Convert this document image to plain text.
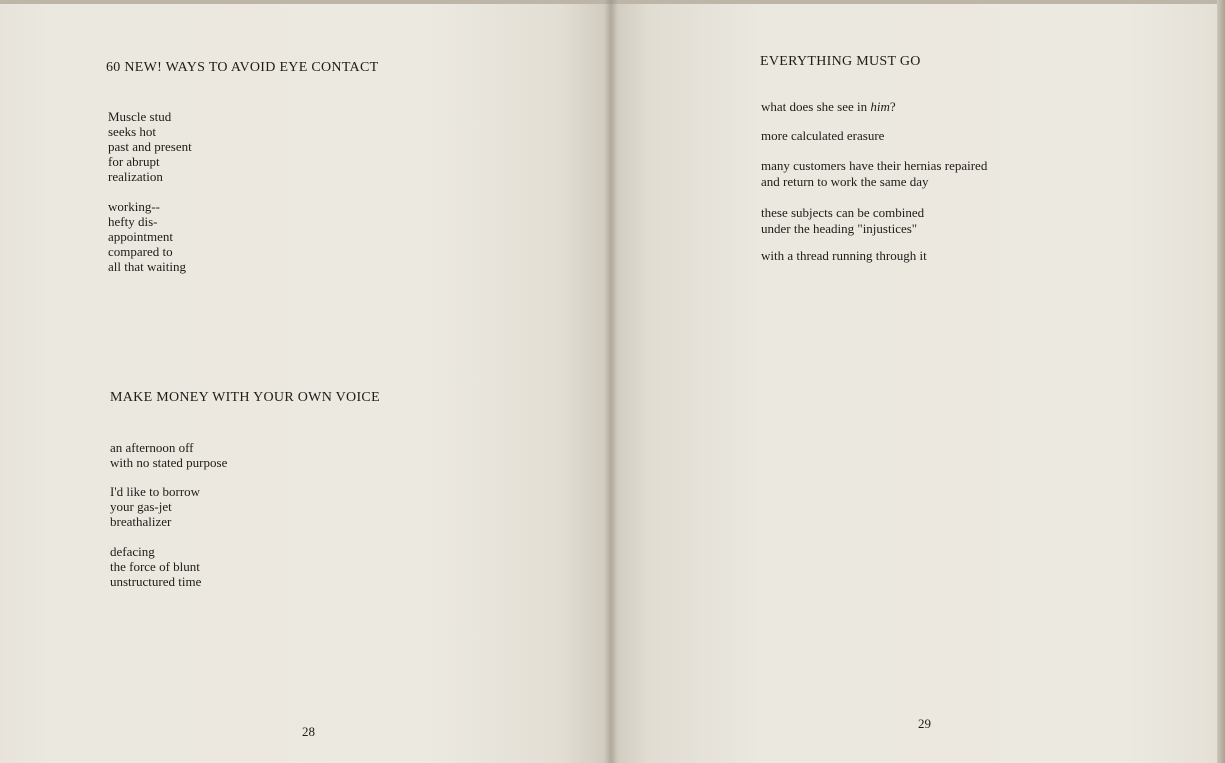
60 NEW! WAYS TO AVOID EYE CONTACT
Muscle stud
seeks hot
past and present
for abrupt
realization
working--
hefty dis-
appointment
compared to
all that waiting
MAKE MONEY WITH YOUR OWN VOICE
an afternoon off
with no stated purpose
I'd like to borrow
your gas-jet
breathalizer
defacing
the force of blunt
unstructured time
28
EVERYTHING MUST GO

what does she see in him?

more calculated erasure

many customers have their hernias repaired
and return to work the same day
these subjects can be combined
under the heading "injustices"

with a thread running through it

29
